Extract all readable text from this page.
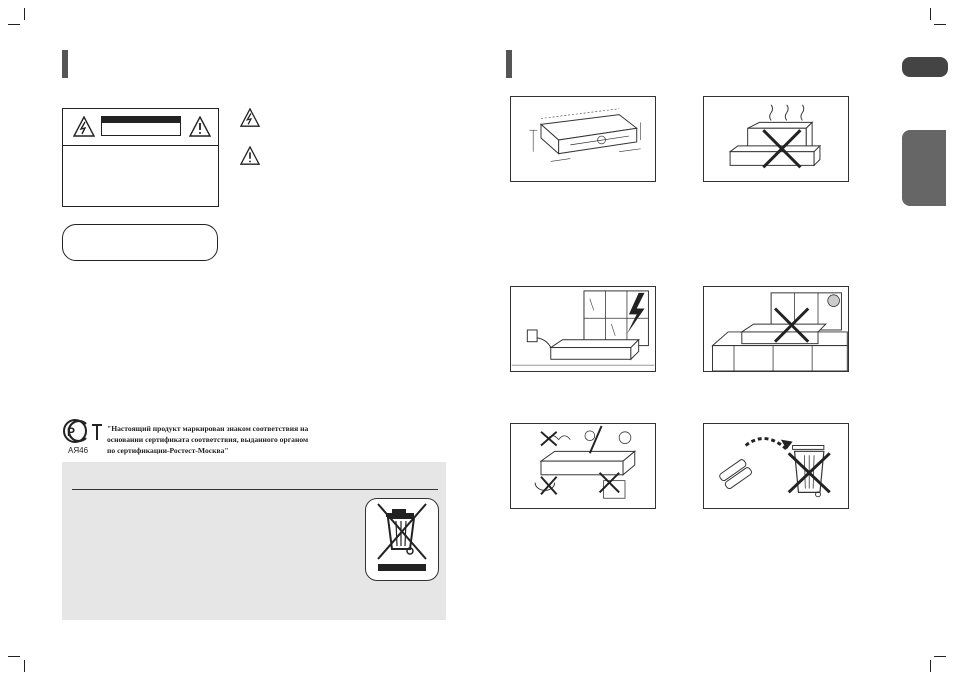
P
АЯ46
"Настоящий продукт маркирован знаком соответствия на
основании сертификата соответствия, выданного органом
по сертификации-Ростест-Москва"
